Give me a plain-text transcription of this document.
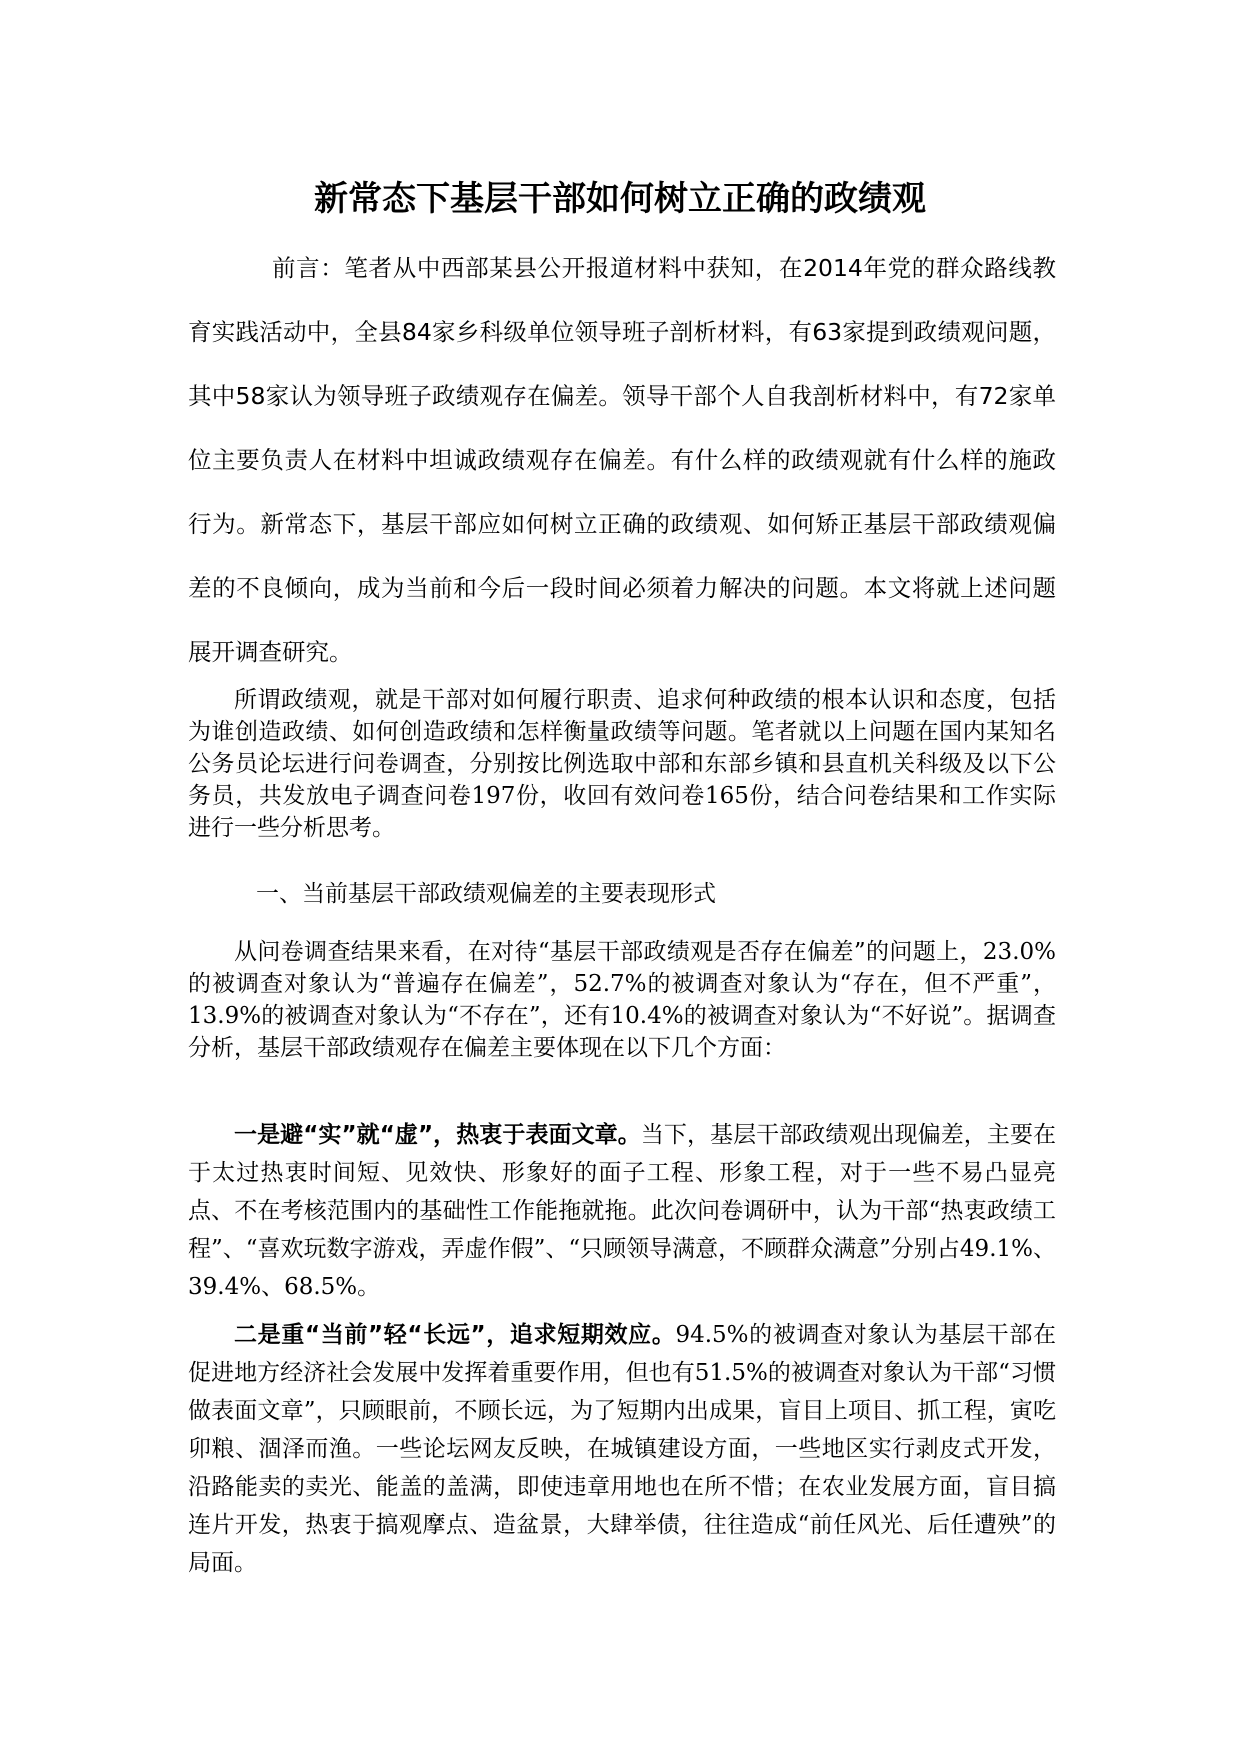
新常态下基层干部如何树立正确的政绩观

前言：笔者从中西部某县公开报道材料中获知，在2014年党的群众路线教育实践活动中，全县84家乡科级单位领导班子剖析材料，有63家提到政绩观问题，其中58家认为领导班子政绩观存在偏差。领导干部个人自我剖析材料中，有72家单位主要负责人在材料中坦诚政绩观存在偏差。有什么样的政绩观就有什么样的施政行为。新常态下，基层干部应如何树立正确的政绩观、如何矫正基层干部政绩观偏差的不良倾向，成为当前和今后一段时间必须着力解决的问题。本文将就上述问题展开调查研究。

所谓政绩观，就是干部对如何履行职责、追求何种政绩的根本认识和态度，包括为谁创造政绩、如何创造政绩和怎样衡量政绩等问题。笔者就以上问题在国内某知名公务员论坛进行问卷调查，分别按比例选取中部和东部乡镇和县直机关科级及以下公务员，共发放电子调查问卷197份，收回有效问卷165份，结合问卷结果和工作实际进行一些分析思考。

一、当前基层干部政绩观偏差的主要表现形式

从问卷调查结果来看，在对待“基层干部政绩观是否存在偏差”的问题上，23.0%的被调查对象认为“普遍存在偏差”，52.7%的被调查对象认为“存在，但不严重”，13.9%的被调查对象认为“不存在”，还有10.4%的被调查对象认为“不好说”。据调查分析，基层干部政绩观存在偏差主要体现在以下几个方面：

一是避“实”就“虚”，热衷于表面文章。当下，基层干部政绩观出现偏差，主要在于太过热衷时间短、见效快、形象好的面子工程、形象工程，对于一些不易凸显亮点、不在考核范围内的基础性工作能拖就拖。此次问卷调研中，认为干部“热衷政绩工程”、“喜欢玩数字游戏，弄虚作假”、“只顾领导满意，不顾群众满意”分别占49.1%、39.4%、68.5%。

二是重“当前”轻“长远”，追求短期效应。94.5%的被调查对象认为基层干部在促进地方经济社会发展中发挥着重要作用，但也有51.5%的被调查对象认为干部“习惯做表面文章”，只顾眼前，不顾长远，为了短期内出成果，盲目上项目、抓工程，寅吃卯粮、涸泽而渔。一些论坛网友反映，在城镇建设方面，一些地区实行剥皮式开发，沿路能卖的卖光、能盖的盖满，即使违章用地也在所不惜；在农业发展方面，盲目搞连片开发，热衷于搞观摩点、造盆景，大肆举债，往往造成“前任风光、后任遭殃”的局面。
